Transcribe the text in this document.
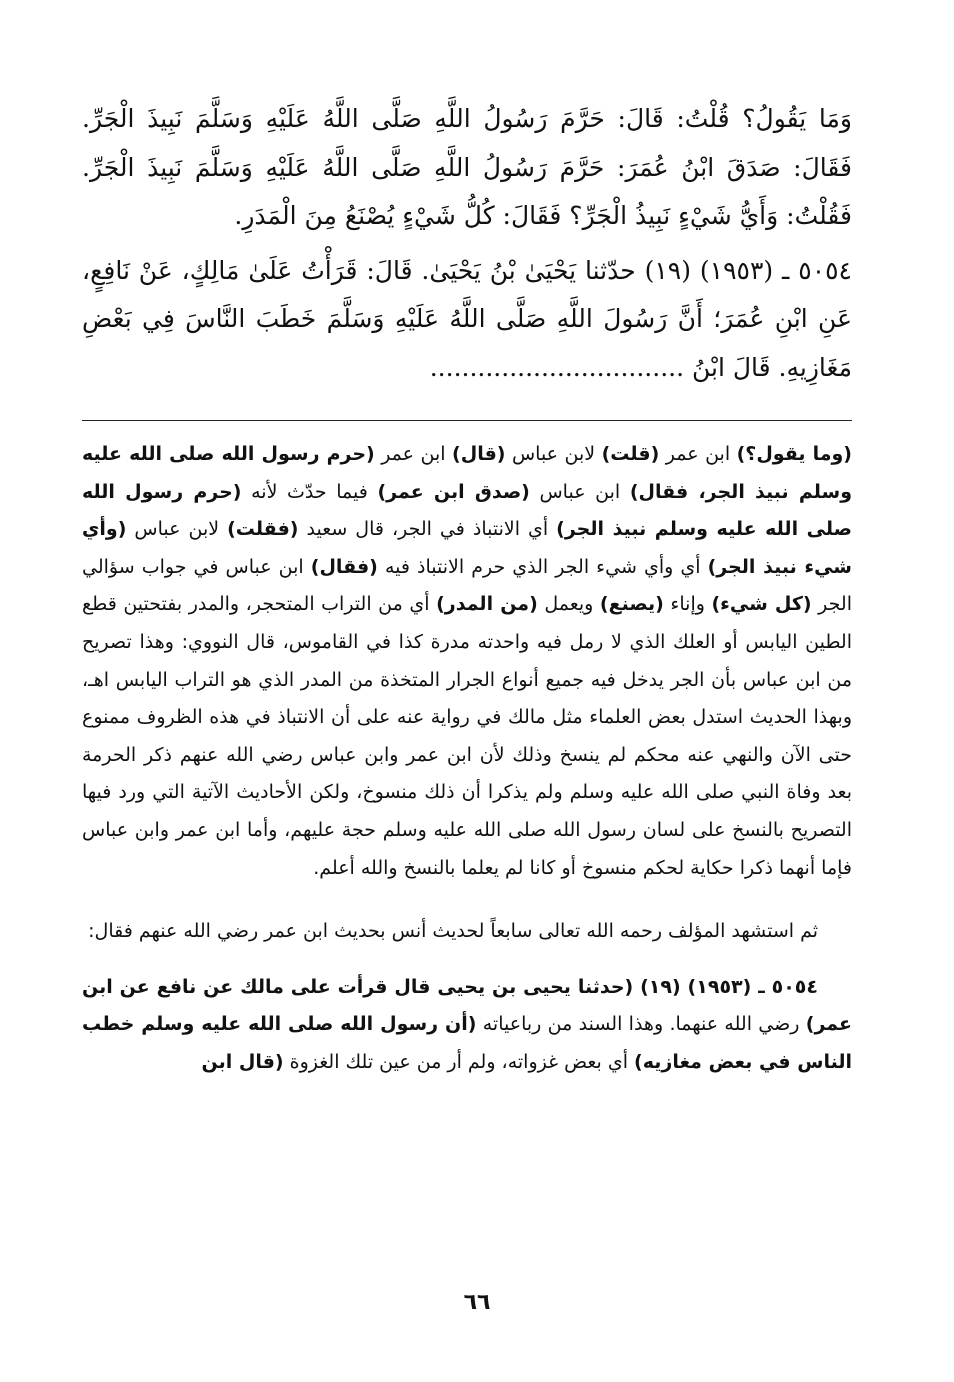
وَمَا يَقُولُ؟ قُلْتُ: قَالَ: حَرَّمَ رَسُولُ اللَّهِ صَلَّى اللَّهُ عَلَيْهِ وَسَلَّمَ نَبِيذَ الْجَرِّ. فَقَالَ: صَدَقَ ابْنُ عُمَرَ: حَرَّمَ رَسُولُ اللَّهِ صَلَّى اللَّهُ عَلَيْهِ وَسَلَّمَ نَبِيذَ الْجَرِّ. فَقُلْتُ: وَأَيُّ شَيْءٍ نَبِيذُ الْجَرِّ؟ فَقَالَ: كُلُّ شَيْءٍ يُصْنَعُ مِنَ الْمَدَرِ.

٥٠٥٤ ـ (١٩٥٣) (١٩) حدّثنا يَحْيَىٰ بْنُ يَحْيَىٰ. قَالَ: قَرَأْتُ عَلَىٰ مَالِكٍ، عَنْ نَافِعٍ، عَنِ ابْنِ عُمَرَ؛ أَنَّ رَسُولَ اللَّهِ صَلَّى اللَّهُ عَلَيْهِ وَسَلَّمَ خَطَبَ النَّاسَ فِي بَعْضِ مَغَازِيهِ. قَالَ ابْنُ ................................

(وما يقول؟) ابن عمر (قلت) لابن عباس (قال) ابن عمر (حرم رسول الله صلى الله عليه وسلم نبيذ الجر، فقال) ابن عباس (صدق ابن عمر) فيما حدّث لأنه (حرم رسول الله صلى الله عليه وسلم نبيذ الجر) أي الانتباذ في الجر، قال سعيد (فقلت) لابن عباس (وأي شيء نبيذ الجر) أي وأي شيء الجر الذي حرم الانتباذ فيه (فقال) ابن عباس في جواب سؤالي الجر (كل شيء) وإناء (يصنع) ويعمل (من المدر) أي من التراب المتحجر، والمدر بفتحتين قطع الطين اليابس أو العلك الذي لا رمل فيه واحدته مدرة كذا في القاموس، قال النووي: وهذا تصريح من ابن عباس بأن الجر يدخل فيه جميع أنواع الجرار المتخذة من المدر الذي هو التراب اليابس اهـ، وبهذا الحديث استدل بعض العلماء مثل مالك في رواية عنه على أن الانتباذ في هذه الظروف ممنوع حتى الآن والنهي عنه محكم لم ينسخ وذلك لأن ابن عمر وابن عباس رضي الله عنهم ذكر الحرمة بعد وفاة النبي صلى الله عليه وسلم ولم يذكرا أن ذلك منسوخ، ولكن الأحاديث الآتية التي ورد فيها التصريح بالنسخ على لسان رسول الله صلى الله عليه وسلم حجة عليهم، وأما ابن عمر وابن عباس فإما أنهما ذكرا حكاية لحكم منسوخ أو كانا لم يعلما بالنسخ والله أعلم.

ثم استشهد المؤلف رحمه الله تعالى سابعاً لحديث أنس بحديث ابن عمر رضي الله عنهم فقال:

٥٠٥٤ ـ (١٩٥٣) (١٩) (حدثنا يحيى بن يحيى قال قرأت على مالك عن نافع عن ابن عمر) رضي الله عنهما. وهذا السند من رباعياته (أن رسول الله صلى الله عليه وسلم خطب الناس في بعض مغازيه) أي بعض غزواته، ولم أر من عين تلك الغزوة (قال ابن

٦٦
